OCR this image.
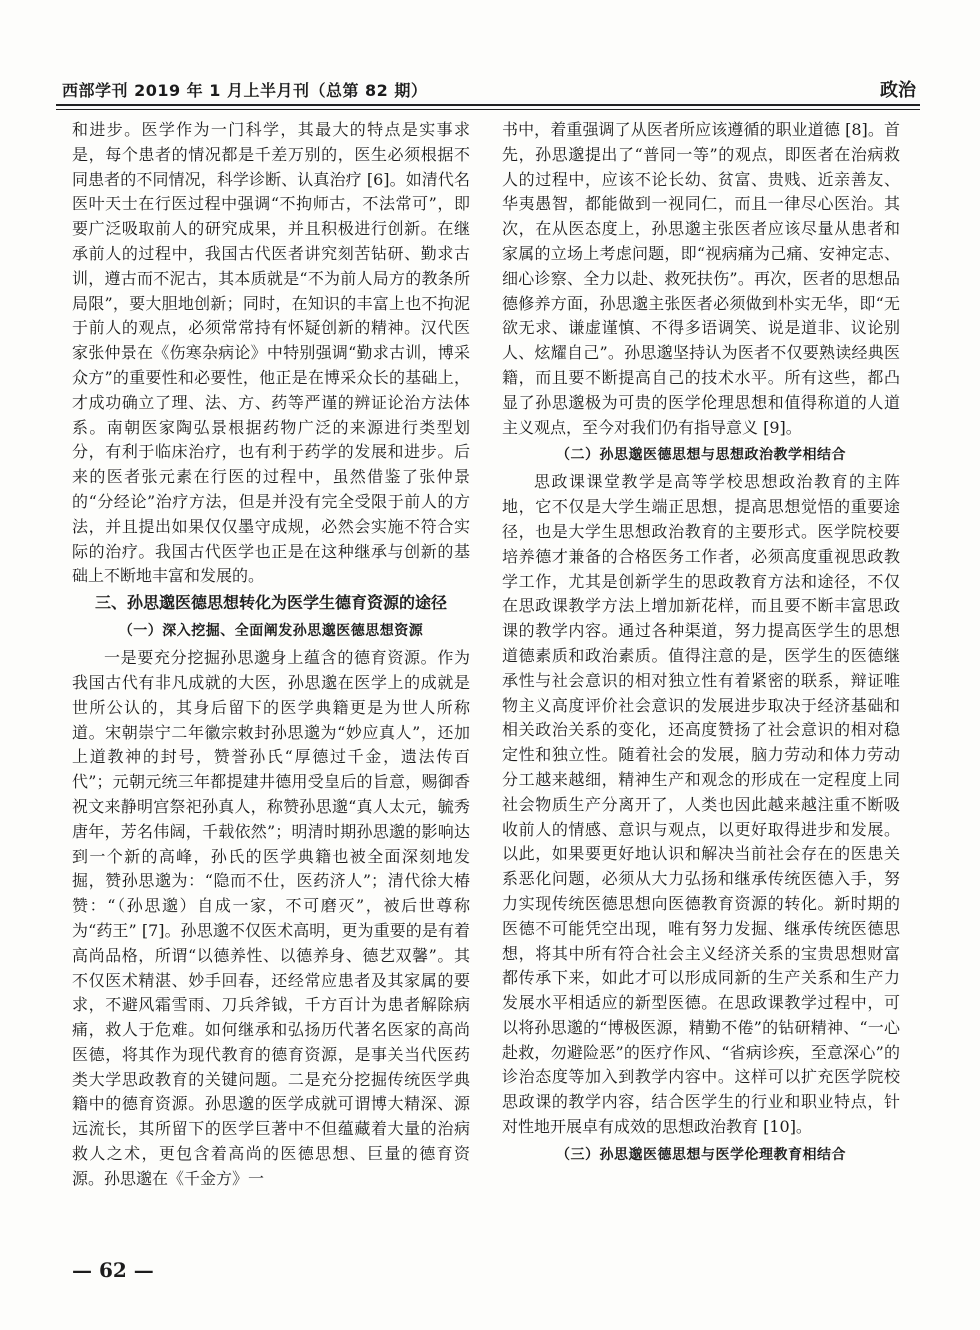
西部学刊 2019 年 1 月上半月刊（总第 82 期）	政治

和进步。医学作为一门科学，其最大的特点是实事求是，每个患者的情况都是千差万别的，医生必须根据不同患者的不同情况，科学诊断、认真治疗 [6]。如清代名医叶天士在行医过程中强调“不拘师古，不法常可”，即要广泛吸取前人的研究成果，并且积极进行创新。在继承前人的过程中，我国古代医者讲究刻苦钻研、勤求古训，遵古而不泥古，其本质就是“不为前人局方的教条所局限”，要大胆地创新；同时，在知识的丰富上也不拘泥于前人的观点，必须常常持有怀疑创新的精神。汉代医家张仲景在《伤寒杂病论》中特别强调“勤求古训，博采众方”的重要性和必要性，他正是在博采众长的基础上，才成功确立了理、法、方、药等严谨的辨证论治方法体系。南朝医家陶弘景根据药物广泛的来源进行类型划分，有利于临床治疗，也有利于药学的发展和进步。后来的医者张元素在行医的过程中，虽然借鉴了张仲景的“分经论”治疗方法，但是并没有完全受限于前人的方法，并且提出如果仅仅墨守成规，必然会实施不符合实际的治疗。我国古代医学也正是在这种继承与创新的基础上不断地丰富和发展的。

三、孙思邈医德思想转化为医学生德育资源的途径
（一）深入挖掘、全面阐发孙思邈医德思想资源

一是要充分挖掘孙思邈身上蕴含的德育资源。作为我国古代有非凡成就的大医，孙思邈在医学上的成就是世所公认的，其身后留下的医学典籍更是为世人所称道。宋朝崇宁二年徽宗敕封孙思邈为“妙应真人”，还加上道教神的封号，赞誉孙氏“厚德过千金，遗法传百代”；元朝元统三年都提建井德用受皇后的旨意，赐御香祝文来静明宫祭祀孙真人，称赞孙思邈“真人太元，毓秀唐年，芳名伟阔，千载依然”；明清时期孙思邈的影响达到一个新的高峰，孙氏的医学典籍也被全面深刻地发掘，赞孙思邈为：“隐而不仕，医药济人”；清代徐大椿赞：“（孙思邈）自成一家，不可磨灭”，被后世尊称为“药王” [7]。孙思邈不仅医术高明，更为重要的是有着高尚品格，所谓“以德养性、以德养身、德艺双馨”。其不仅医术精湛、妙手回春，还经常应患者及其家属的要求，不避风霜雪雨、刀兵斧钺，千方百计为患者解除病痛，救人于危难。如何继承和弘扬历代著名医家的高尚医德，将其作为现代教育的德育资源，是事关当代医药类大学思政教育的关键问题。二是充分挖掘传统医学典籍中的德育资源。孙思邈的医学成就可谓博大精深、源远流长，其所留下的医学巨著中不但蕴藏着大量的治病救人之术，更包含着高尚的医德思想、巨量的德育资源。孙思邈在《千金方》一

书中，着重强调了从医者所应该遵循的职业道德 [8]。首先，孙思邈提出了“普同一等”的观点，即医者在治病救人的过程中，应该不论长幼、贫富、贵贱、近亲善友、华夷愚智，都能做到一视同仁，而且一律尽心医治。其次，在从医态度上，孙思邈主张医者应该尽量从患者和家属的立场上考虑问题，即“视病痛为己痛、安神定志、细心诊察、全力以赴、救死扶伤”。再次，医者的思想品德修养方面，孙思邈主张医者必须做到朴实无华，即“无欲无求、谦虚谨慎、不得多语调笑、说是道非、议论别人、炫耀自己”。孙思邈坚持认为医者不仅要熟读经典医籍，而且要不断提高自己的技术水平。所有这些，都凸显了孙思邈极为可贵的医学伦理思想和值得称道的人道主义观点，至今对我们仍有指导意义 [9]。

（二）孙思邈医德思想与思想政治教学相结合

思政课课堂教学是高等学校思想政治教育的主阵地，它不仅是大学生端正思想，提高思想觉悟的重要途径，也是大学生思想政治教育的主要形式。医学院校要培养德才兼备的合格医务工作者，必须高度重视思政教学工作，尤其是创新学生的思政教育方法和途径，不仅在思政课教学方法上增加新花样，而且要不断丰富思政课的教学内容。通过各种渠道，努力提高医学生的思想道德素质和政治素质。值得注意的是，医学生的医德继承性与社会意识的相对独立性有着紧密的联系，辩证唯物主义高度评价社会意识的发展进步取决于经济基础和相关政治关系的变化，还高度赞扬了社会意识的相对稳定性和独立性。随着社会的发展，脑力劳动和体力劳动分工越来越细，精神生产和观念的形成在一定程度上同社会物质生产分离开了，人类也因此越来越注重不断吸收前人的情感、意识与观点，以更好取得进步和发展。以此，如果要更好地认识和解决当前社会存在的医患关系恶化问题，必须从大力弘扬和继承传统医德入手，努力实现传统医德思想向医德教育资源的转化。新时期的医德不可能凭空出现，唯有努力发掘、继承传统医德思想，将其中所有符合社会主义经济关系的宝贵思想财富都传承下来，如此才可以形成同新的生产关系和生产力发展水平相适应的新型医德。在思政课教学过程中，可以将孙思邈的“博极医源，精勤不倦”的钻研精神、“一心赴救，勿避险恶”的医疗作风、“省病诊疾，至意深心”的诊治态度等加入到教学内容中。这样可以扩充医学院校思政课的教学内容，结合医学生的行业和职业特点，针对性地开展卓有成效的思想政治教育 [10]。

（三）孙思邈医德思想与医学伦理教育相结合
— 62 —
